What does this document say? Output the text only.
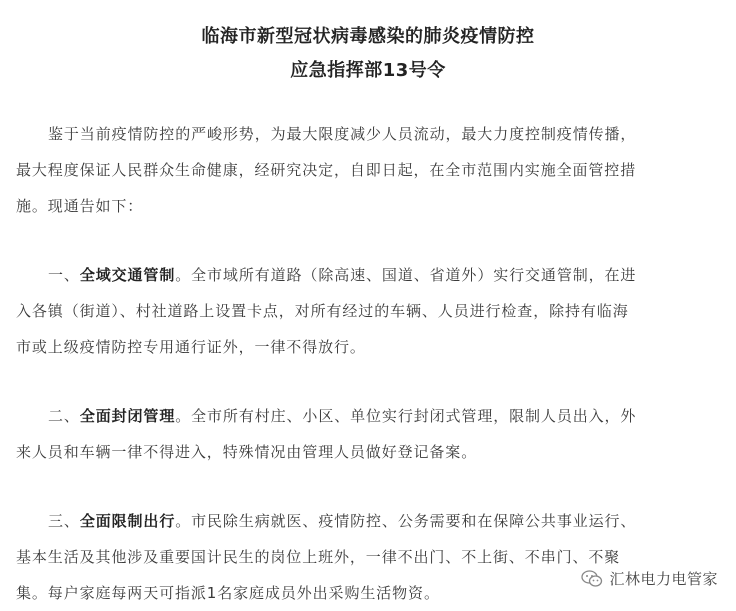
临海市新型冠状病毒感染的肺炎疫情防控
应急指挥部13号令
鉴于当前疫情防控的严峻形势，为最大限度减少人员流动，最大力度控制疫情传播，
最大程度保证人民群众生命健康，经研究决定，自即日起，在全市范围内实施全面管控措
施。现通告如下：
一、全域交通管制。全市域所有道路（除高速、国道、省道外）实行交通管制，在进
入各镇（街道）、村社道路上设置卡点，对所有经过的车辆、人员进行检查，除持有临海
市或上级疫情防控专用通行证外，一律不得放行。
二、全面封闭管理。全市所有村庄、小区、单位实行封闭式管理，限制人员出入，外
来人员和车辆一律不得进入，特殊情况由管理人员做好登记备案。
三、全面限制出行。市民除生病就医、疫情防控、公务需要和在保障公共事业运行、
基本生活及其他涉及重要国计民生的岗位上班外，一律不出门、不上街、不串门、不聚
集。每户家庭每两天可指派1名家庭成员外出采购生活物资。
汇林电力电管家
